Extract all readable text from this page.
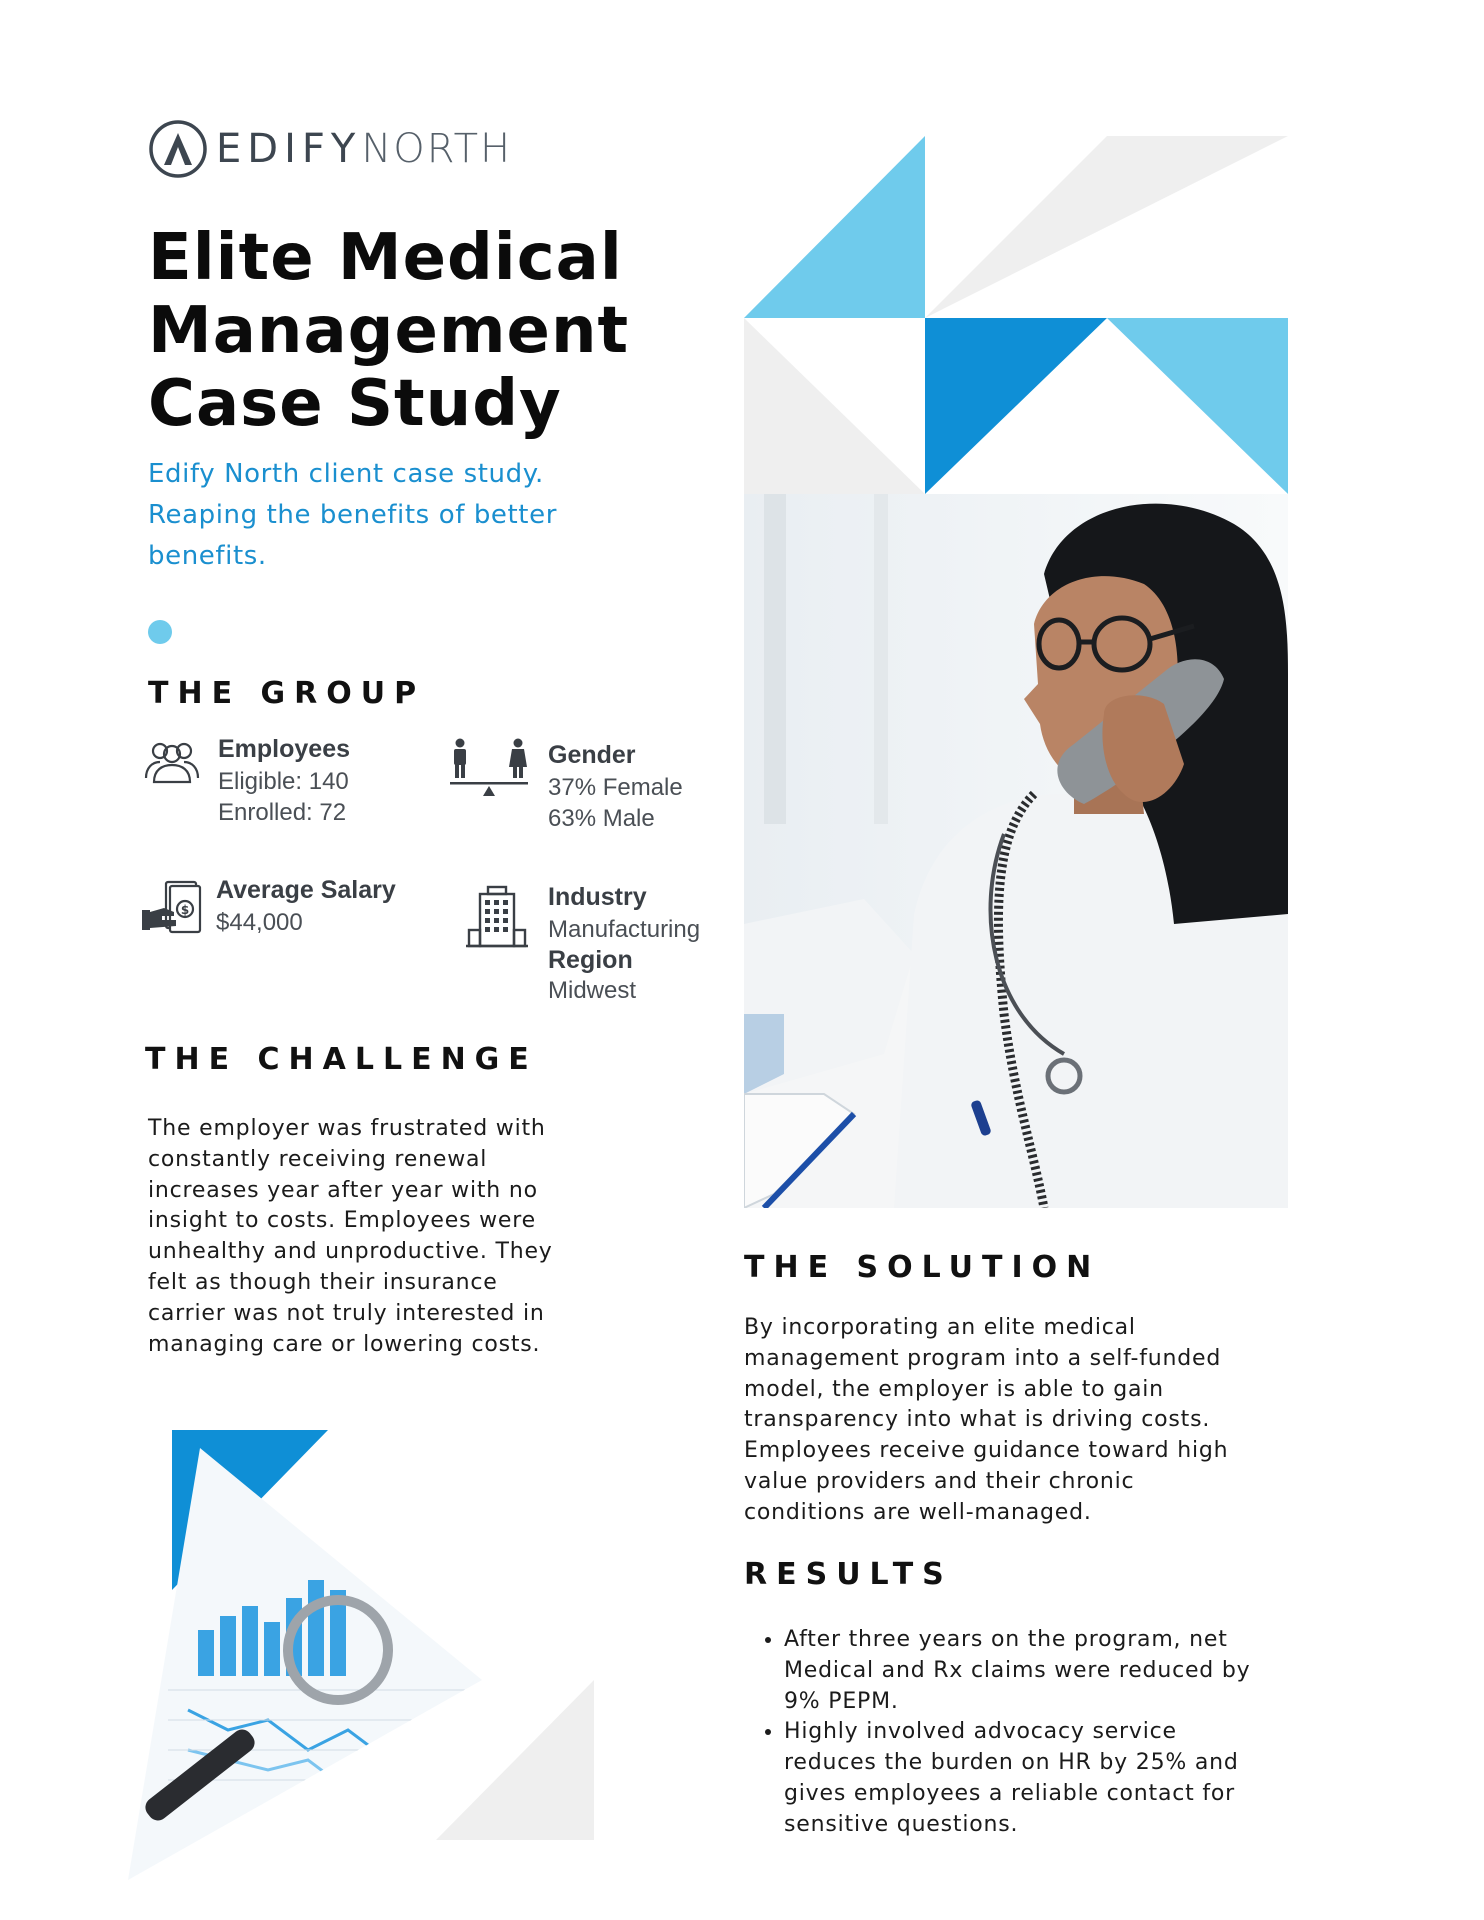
EDIFYNORTH
Elite Medical
Management
Case Study
Edify North client case study.
Reaping the benefits of better
benefits.
THE GROUP
Employees
Eligible: 140
Enrolled: 72
Gender
37% Female
63% Male
$
Average Salary
$44,000
Industry
Manufacturing
Region
Midwest
THE CHALLENGE
The employer was frustrated with
constantly receiving renewal
increases year after year with no
insight to costs. Employees were
unhealthy and unproductive. They
felt as though their insurance
carrier was not truly interested in
managing care or lowering costs.
THE SOLUTION
By incorporating an elite medical
management program into a self-funded
model, the employer is able to gain
transparency into what is driving costs.
Employees receive guidance toward high
value providers and their chronic
conditions are well-managed.
RESULTS
• After three years on the program, net
Medical and Rx claims were reduced by
9% PEPM.
• Highly involved advocacy service
reduces the burden on HR by 25% and
gives employees a reliable contact for
sensitive questions.
